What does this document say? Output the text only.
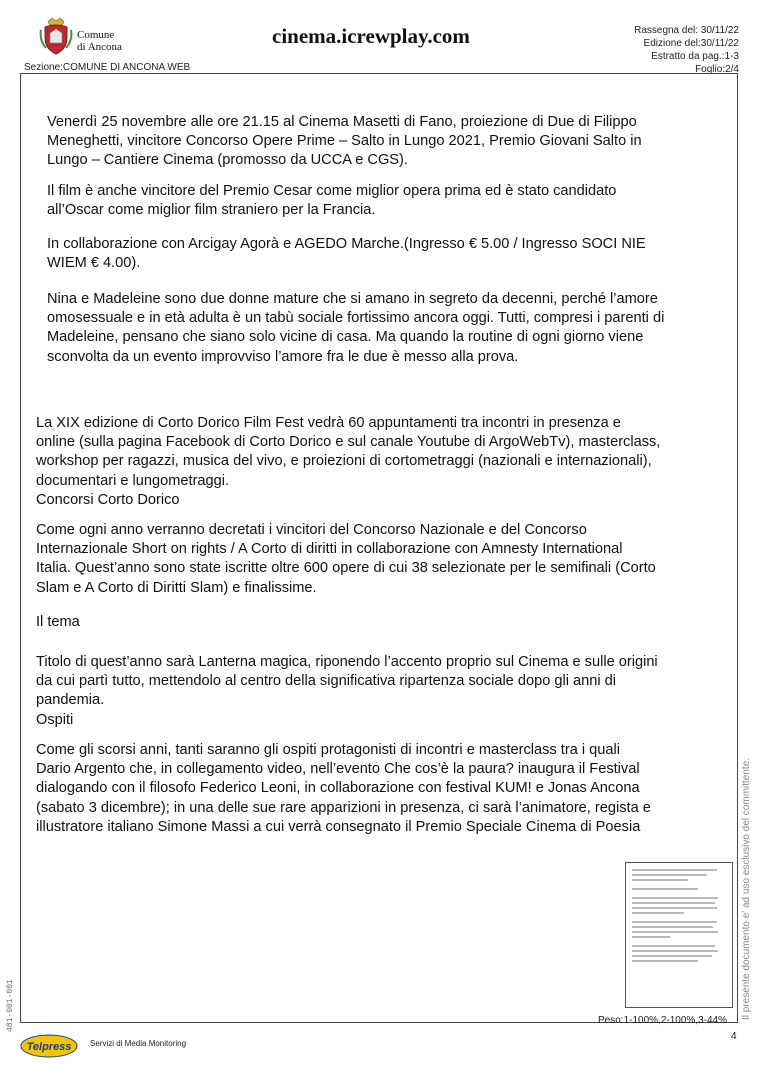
Comune
di Ancona	cinema.icrewplay.com	Rassegna del: 30/11/22
Edizione del:30/11/22
Estratto da pag.:1-3
Foglio:2/4
Sezione:COMUNE DI ANCONA WEB

Venerdì 25 novembre alle ore 21.15 al Cinema Masetti di Fano, proiezione di Due di Filippo
Meneghetti, vincitore Concorso Opere Prime – Salto in Lungo 2021, Premio Giovani Salto in
Lungo – Cantiere Cinema (promosso da UCCA e CGS).

Il film è anche vincitore del Premio Cesar come miglior opera prima ed è stato candidato
all’Oscar come miglior film straniero per la Francia.

In collaborazione con Arcigay Agorà e AGEDO Marche.(Ingresso € 5.00 / Ingresso SOCI NIE
WIEM € 4.00).

Nina e Madeleine sono due donne mature che si amano in segreto da decenni, perché l’amore
omosessuale e in età adulta è un tabù sociale fortissimo ancora oggi. Tutti, compresi i parenti di
Madeleine, pensano che siano solo vicine di casa. Ma quando la routine di ogni giorno viene
sconvolta da un evento improvviso l’amore fra le due è messo alla prova.

La XIX edizione di Corto Dorico Film Fest vedrà 60 appuntamenti tra incontri in presenza e
online (sulla pagina Facebook di Corto Dorico e sul canale Youtube di ArgoWebTv), masterclass,
workshop per ragazzi, musica del vivo, e proiezioni di cortometraggi (nazionali e internazionali),
documentari e lungometraggi.
Concorsi Corto Dorico

Come ogni anno verranno decretati i vincitori del Concorso Nazionale e del Concorso
Internazionale Short on rights / A Corto di diritti in collaborazione con Amnesty International
Italia. Quest’anno sono state iscritte oltre 600 opere di cui 38 selezionate per le semifinali (Corto
Slam e A Corto di Diritti Slam) e finalissime.

Il tema

Titolo di quest’anno sarà Lanterna magica, riponendo l’accento proprio sul Cinema e sulle origini
da cui partì tutto, mettendolo al centro della significativa ripartenza sociale dopo gli anni di
pandemia.
Ospiti

Come gli scorsi anni, tanti saranno gli ospiti protagonisti di incontri e masterclass tra i quali
Dario Argento che, in collegamento video, nell’evento Che cos’è la paura? inaugura il Festival
dialogando con il filosofo Federico Leoni, in collaborazione con festival KUM! e Jonas Ancona
(sabato 3 dicembre); in una delle sue rare apparizioni in presenza, ci sarà l’animatore, regista e
illustratore italiano Simone Massi a cui verrà consegnato il Premio Speciale Cinema di Poesia	Il presente documento e' ad uso esclusivo del committente.
481-001-001	Peso:1-100%,2-100%,3-44%
4
Telpress Servizi di Media Monitoring
